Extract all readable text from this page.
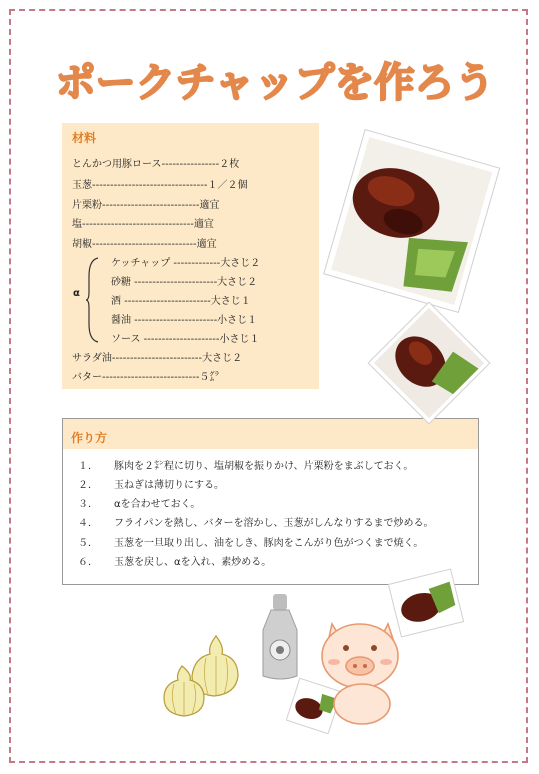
ポークチャップを作ろう
材料
とんかつ用豚ロース‐‐‐‐‐‐‐‐‐‐‐‐‐‐‐‐２枚
玉葱‐‐‐‐‐‐‐‐‐‐‐‐‐‐‐‐‐‐‐‐‐‐‐‐‐‐‐‐‐‐‐‐１／２個
片栗粉‐‐‐‐‐‐‐‐‐‐‐‐‐‐‐‐‐‐‐‐‐‐‐‐‐‐‐適宜
塩‐‐‐‐‐‐‐‐‐‐‐‐‐‐‐‐‐‐‐‐‐‐‐‐‐‐‐‐‐‐‐適宜
胡椒‐‐‐‐‐‐‐‐‐‐‐‐‐‐‐‐‐‐‐‐‐‐‐‐‐‐‐‐‐適宜
α
ケッチャップ ‐‐‐‐‐‐‐‐‐‐‐‐‐大さじ２
砂糖 ‐‐‐‐‐‐‐‐‐‐‐‐‐‐‐‐‐‐‐‐‐‐‐大さじ２
酒 ‐‐‐‐‐‐‐‐‐‐‐‐‐‐‐‐‐‐‐‐‐‐‐‐大さじ１
醤油 ‐‐‐‐‐‐‐‐‐‐‐‐‐‐‐‐‐‐‐‐‐‐‐小さじ１
ソース ‐‐‐‐‐‐‐‐‐‐‐‐‐‐‐‐‐‐‐‐‐小さじ１
サラダ油‐‐‐‐‐‐‐‐‐‐‐‐‐‐‐‐‐‐‐‐‐‐‐‐‐大さじ２
バター‐‐‐‐‐‐‐‐‐‐‐‐‐‐‐‐‐‐‐‐‐‐‐‐‐‐‐５㌘
作り方
１． 豚肉を２㌢程に切り、塩胡椒を振りかけ、片栗粉をまぶしておく。
２． 玉ねぎは薄切りにする。
３． αを合わせておく。
４． フライパンを熱し、バターを溶かし、玉葱がしんなりするまで炒める。
５． 玉葱を一旦取り出し、油をしき、豚肉をこんがり色がつくまで焼く。
６． 玉葱を戻し、αを入れ、素炒める。
